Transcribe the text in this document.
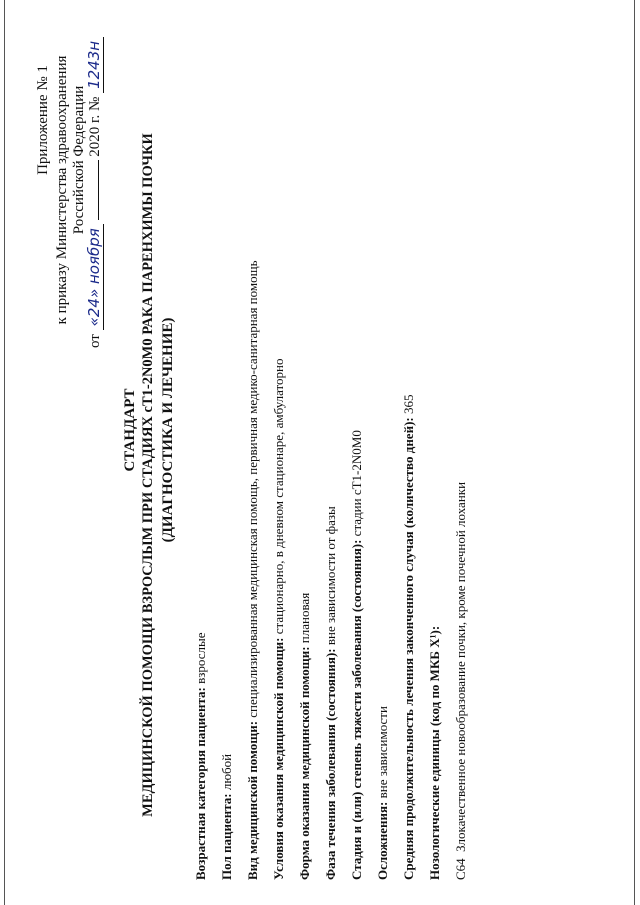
Приложение № 1 к приказу Министерства здравоохранения Российской Федерации
от «24» ноября  2020 г. № 1243н
СТАНДАРТ МЕДИЦИНСКОЙ ПОМОЩИ ВЗРОСЛЫМ ПРИ СТАДИЯХ cT1-2N0M0 РАКА ПАРЕНХИМЫ ПОЧКИ (ДИАГНОСТИКА И ЛЕЧЕНИЕ)
Возрастная категория пациента: взрослые
Пол пациента: любой Вид медицинской помощи: специализированная медицинская помощь, первичная медико-санитарная помощь
Условия оказания медицинской помощи: стационарно, в дневном стационаре, амбулаторно
Форма оказания медицинской помощи: плановая
Фаза течения заболевания (состояния): вне зависимости от фазы Стадия и (или) степень тяжести заболевания (состояния): стадии cT1-2N0M0
Осложнения: вне зависимости Средняя продолжительность лечения законченного случая (количество дней): 365
Нозологические единицы (код по МКБ X¹): C64  Злокачественное новообразование почки, кроме почечной лоханки
